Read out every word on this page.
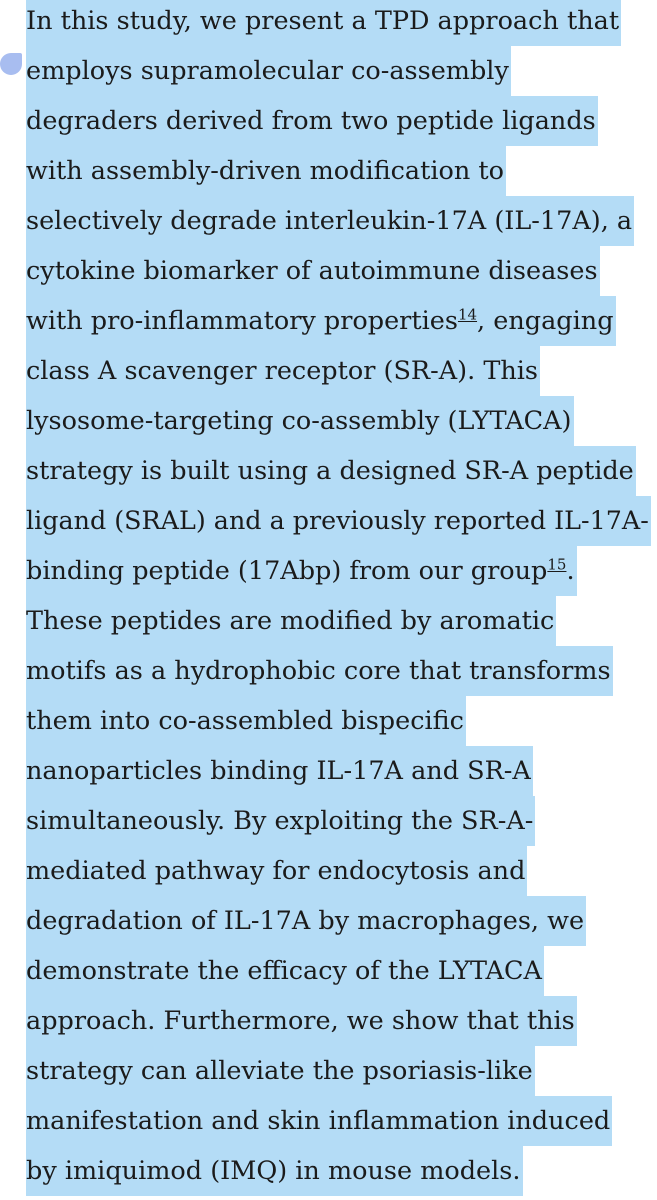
In this study, we present a TPD approach that
employs supramolecular co-assembly
degraders derived from two peptide ligands
with assembly-driven modification to
selectively degrade interleukin-17A (IL-17A), a
cytokine biomarker of autoimmune diseases
with pro-inflammatory properties$^{14}$, engaging
class A scavenger receptor (SR-A). This
lysosome-targeting co-assembly (LYTACA)
strategy is built using a designed SR-A peptide
ligand (SRAL) and a previously reported IL-17A-
binding peptide (17Abp) from our group$^{15}$.
These peptides are modified by aromatic
motifs as a hydrophobic core that transforms
them into co-assembled bispecific
nanoparticles binding IL-17A and SR-A
simultaneously. By exploiting the SR-A-
mediated pathway for endocytosis and
degradation of IL-17A by macrophages, we
demonstrate the efficacy of the LYTACA
approach. Furthermore, we show that this
strategy can alleviate the psoriasis-like
manifestation and skin inflammation induced
by imiquimod (IMQ) in mouse models.
